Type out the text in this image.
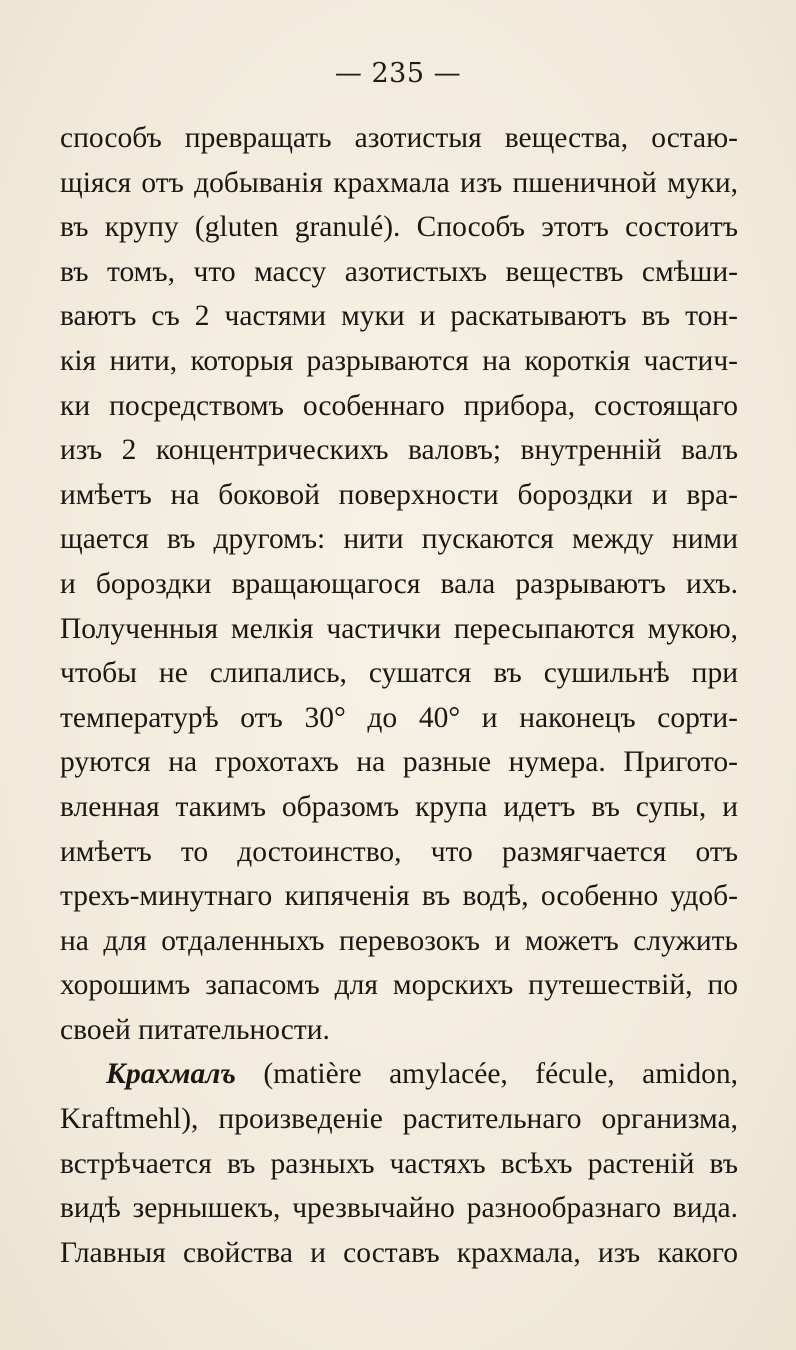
— 235 —
способъ превращать азотистыя вещества, остаю-
щіяся отъ добыванія крахмала изъ пшеничной муки,
въ крупу (gluten granulé). Способъ этотъ состоитъ
въ томъ, что массу азотистыхъ веществъ смѣши-
ваютъ съ 2 частями муки и раскатываютъ въ тон-
кія нити, которыя разрываются на короткія частич-
ки посредствомъ особеннаго прибора, состоящаго
изъ 2 концентрическихъ валовъ; внутренній валъ
имѣетъ на боковой поверхности бороздки и вра-
щается въ другомъ: нити пускаются между ними
и бороздки вращающагося вала разрываютъ ихъ.
Полученныя мелкія частички пересыпаются мукою,
чтобы не слипались, сушатся въ сушильнѣ при
температурѣ отъ 30° до 40° и наконецъ сорти-
руются на грохотахъ на разные нумера. Пригото-
вленная такимъ образомъ крупа идетъ въ супы, и
имѣетъ то достоинство, что размягчается отъ
трехъ-минутнаго кипяченія въ водѣ, особенно удоб-
на для отдаленныхъ перевозокъ и можетъ служить
хорошимъ запасомъ для морскихъ путешествій, по
своей питательности.
Крахмалъ (matière amylacée, fécule, amidon,
Kraftmehl), произведеніе растительнаго организма,
встрѣчается въ разныхъ частяхъ всѣхъ растеній въ
видѣ зернышекъ, чрезвычайно разнообразнаго вида.
Главныя свойства и составъ крахмала, изъ какого
